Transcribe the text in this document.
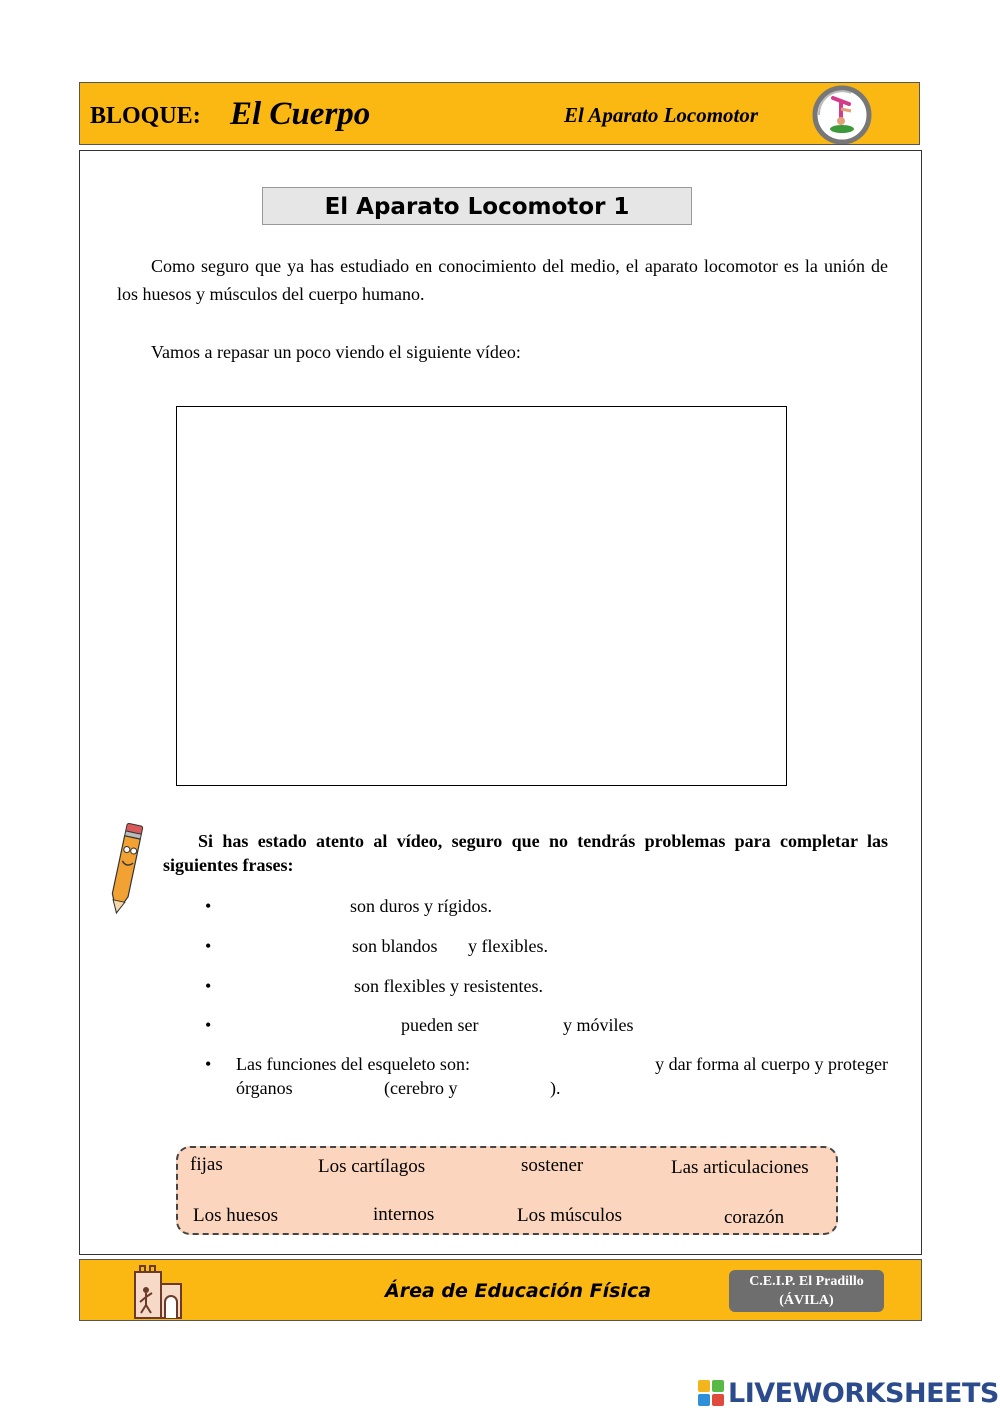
BLOQUE: El Cuerpo	El Aparato Locomotor
El Aparato Locomotor 1
Como seguro que ya has estudiado en conocimiento del medio, el aparato locomotor es la unión de los huesos y músculos del cuerpo humano.
Vamos a repasar un poco viendo el siguiente vídeo:
Si has estado atento al vídeo, seguro que no tendrás problemas para completar las siguientes frases:
•	son duros y rígidos.
•	son blandos y flexibles.
•	son flexibles y resistentes.
•	pueden ser	y móviles
• Las funciones del esqueleto son:	y dar forma al cuerpo y proteger
órganos	(cerebro y	).
fijas	Los cartílagos	sostener	Las articulaciones
Los huesos	internos	Los músculos	corazón
Área de Educación Física	C.E.I.P. El Pradillo
(ÁVILA)
LIVEWORKSHEETS
